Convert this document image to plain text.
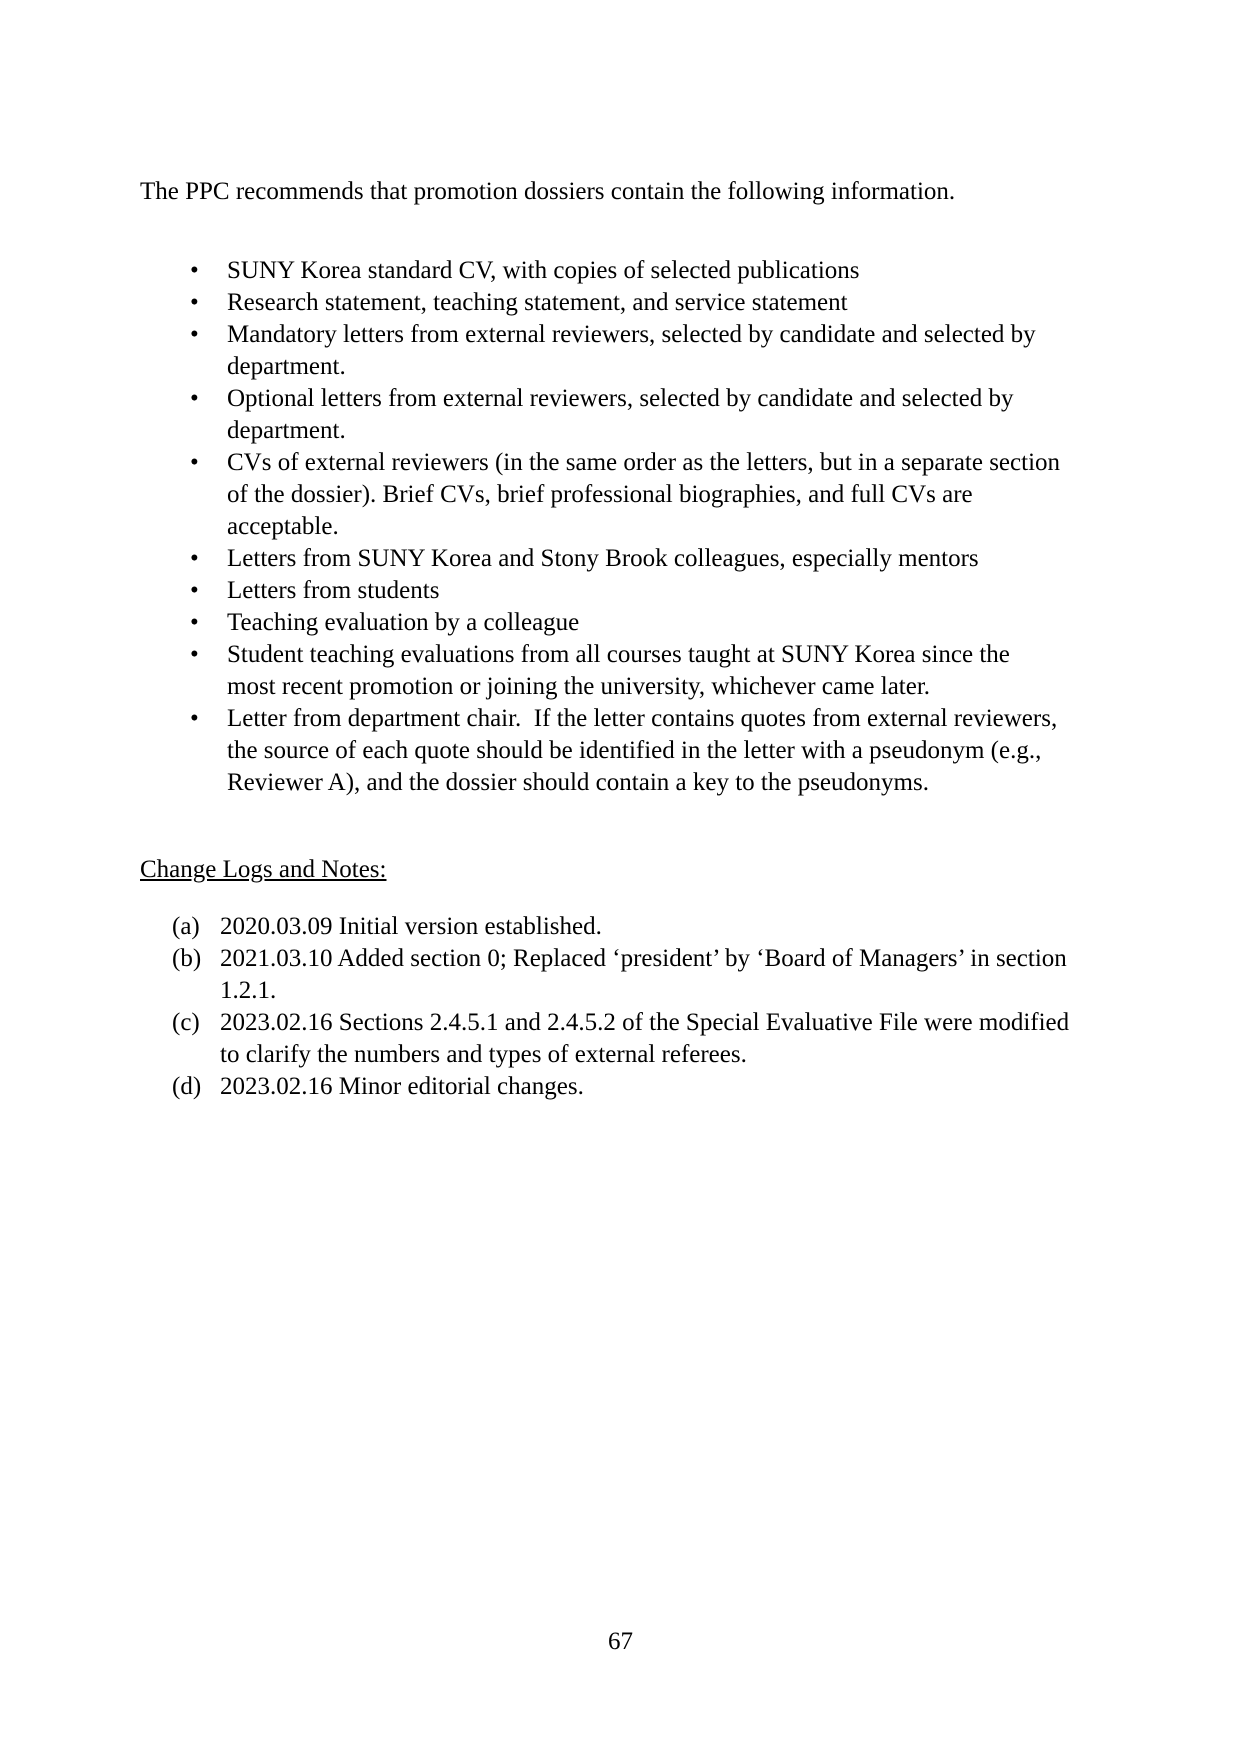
The PPC recommends that promotion dossiers contain the following information.

• SUNY Korea standard CV, with copies of selected publications
• Research statement, teaching statement, and service statement
• Mandatory letters from external reviewers, selected by candidate and selected by
department.
• Optional letters from external reviewers, selected by candidate and selected by
department.
• CVs of external reviewers (in the same order as the letters, but in a separate section
of the dossier). Brief CVs, brief professional biographies, and full CVs are
acceptable.
• Letters from SUNY Korea and Stony Brook colleagues, especially mentors
• Letters from students
• Teaching evaluation by a colleague
• Student teaching evaluations from all courses taught at SUNY Korea since the
most recent promotion or joining the university, whichever came later.
• Letter from department chair.  If the letter contains quotes from external reviewers,
the source of each quote should be identified in the letter with a pseudonym (e.g.,
Reviewer A), and the dossier should contain a key to the pseudonyms.
Change Logs and Notes:
(a) 2020.03.09 Initial version established.
(b) 2021.03.10 Added section 0; Replaced ‘president’ by ‘Board of Managers’ in section
1.2.1.
(c) 2023.02.16 Sections 2.4.5.1 and 2.4.5.2 of the Special Evaluative File were modified
to clarify the numbers and types of external referees.
(d) 2023.02.16 Minor editorial changes.
67
